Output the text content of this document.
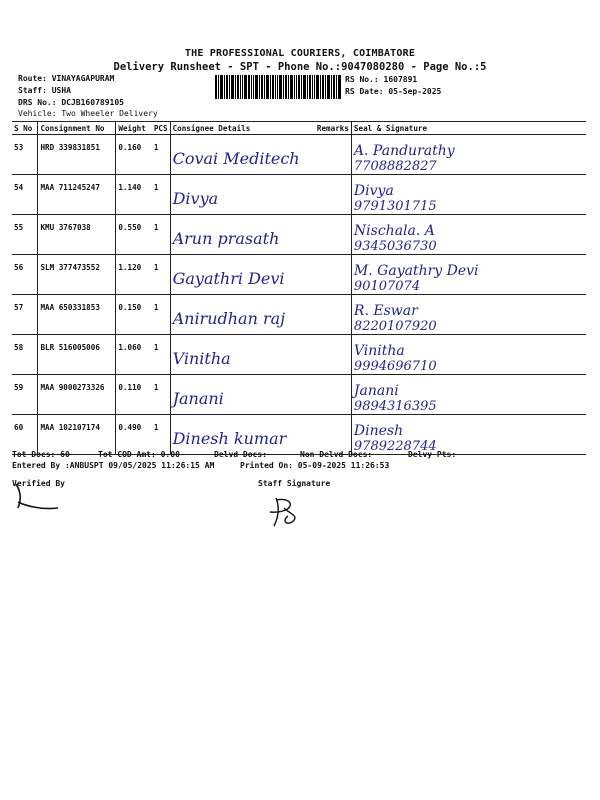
THE PROFESSIONAL COURIERS, COIMBATORE
Delivery Runsheet - SPT - Phone No.:9047080280 - Page No.:5
Route: VINAYAGAPURAM
Staff: USHA
DRS No.: DCJB160789105
Vehicle: Two Wheeler Delivery
RS No.: 1607891
RS Date: 05-Sep-2025
S No	Consignment No	Weight	PCS	Consignee Details	Remarks	Seal & Signature
53	HRD 339831851	0.160	1	Covai Meditech		A. Pandurathy
7708882827

54	MAA 711245247	1.140	1	Divya		Divya
9791301715

55	KMU 3767038	0.550	1	Arun prasath		Nischala. A
9345036730

56	SLM 377473552	1.120	1	Gayathri Devi		M. Gayathry Devi
90107074

57	MAA 650331853	0.150	1	Anirudhan raj		R. Eswar
8220107920

58	BLR 516005006	1.060	1	Vinitha		Vinitha
9994696710

59	MAA 9000273326	0.110	1	Janani		Janani
9894316395

60	MAA 102107174	0.490	1	Dinesh kumar		Dinesh
9789228744
Tot Docs: 60	Tot COD Amt: 0.00	Delvd Docs:	Non Delvd Docs:	Delvy Pts:
Entered By :ANBUSPT 09/05/2025 11:26:15 AM	Printed On: 05-09-2025 11:26:53
Verified By	Staff Signature
